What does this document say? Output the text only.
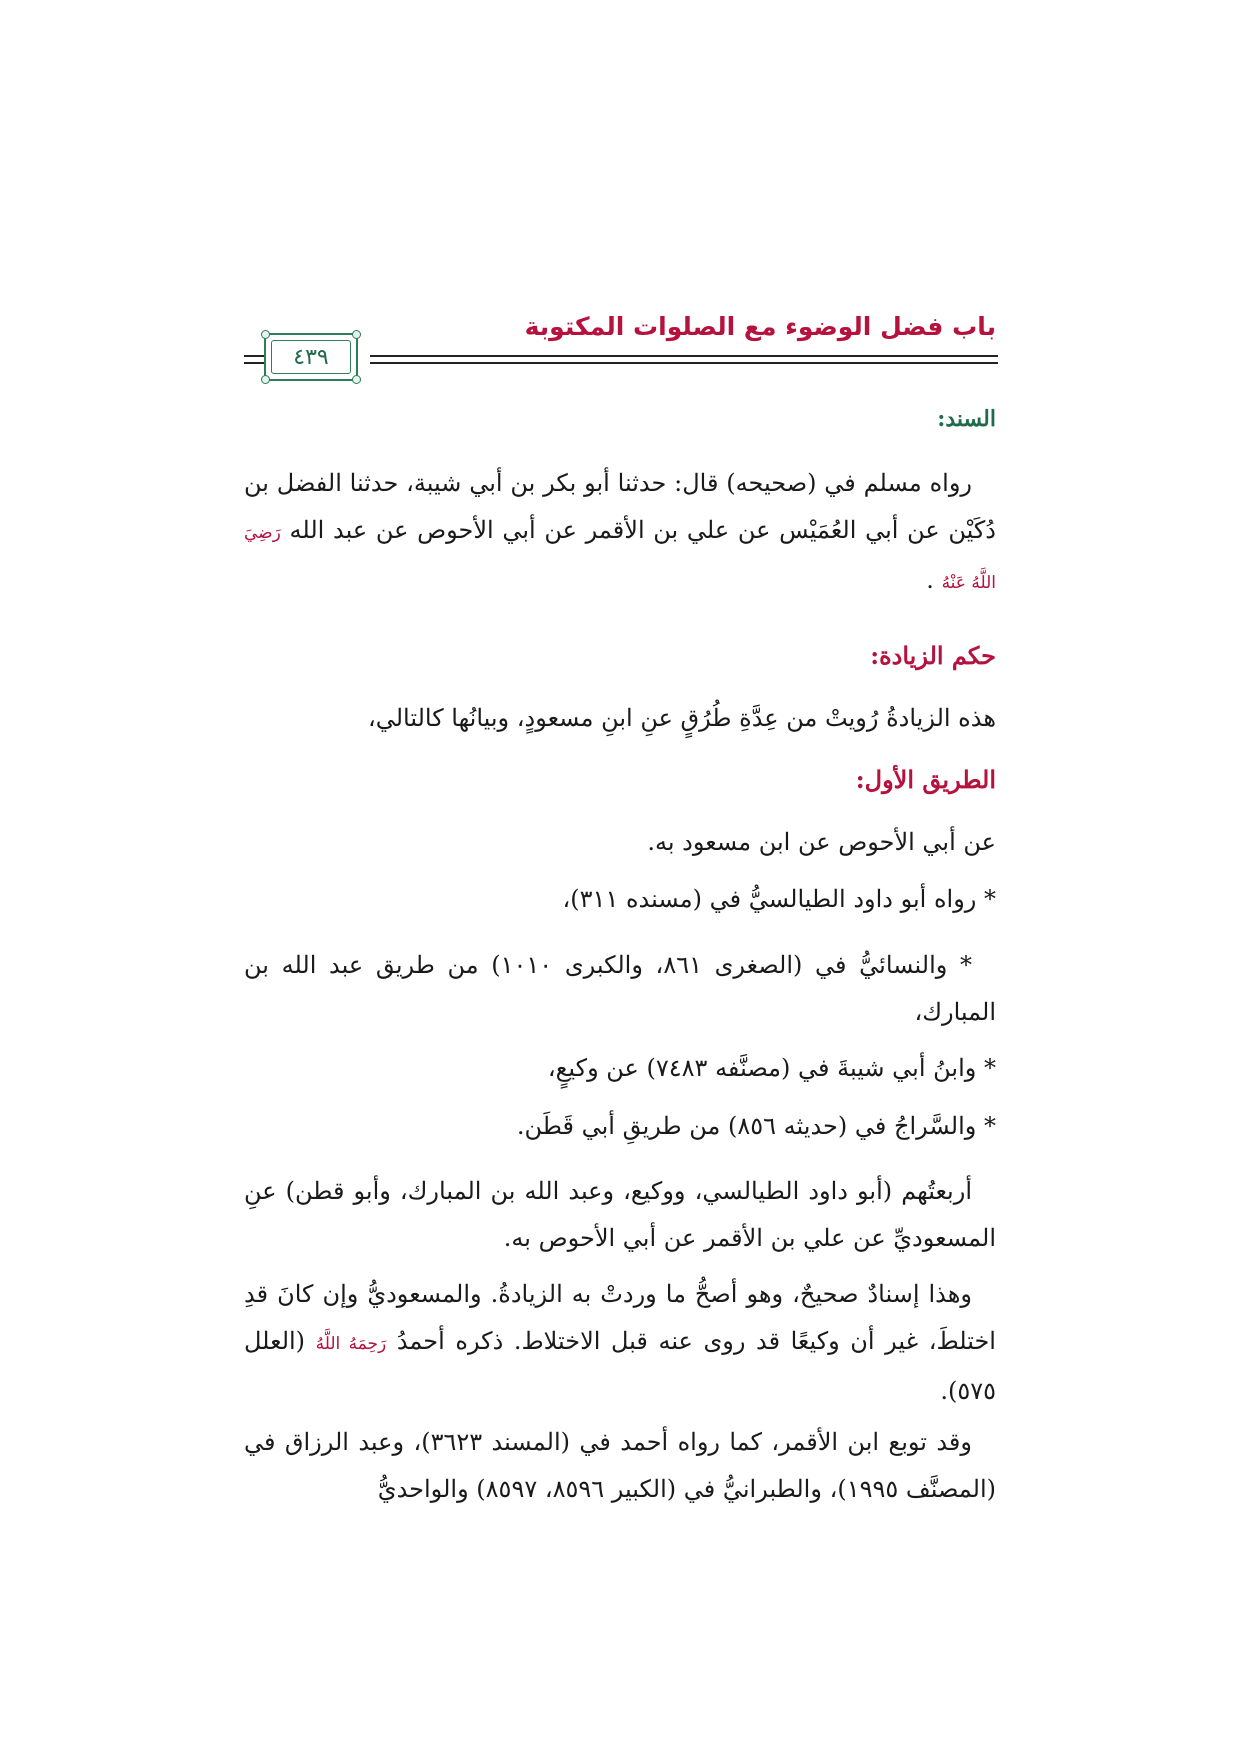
باب فضل الوضوء مع الصلوات المكتوبة
٤٣٩
السند:
رواه مسلم في (صحيحه) قال: حدثنا أبو بكر بن أبي شيبة، حدثنا الفضل بن دُكَيْن عن أبي العُمَيْس عن علي بن الأقمر عن أبي الأحوص عن عبد الله رَضِيَ اللَّهُ عَنْهُ .
حكم الزيادة:
هذه الزيادةُ رُويتْ من عِدَّةِ طُرُقٍ عنِ ابنِ مسعودٍ، وبيانُها كالتالي،
الطريق الأول:
عن أبي الأحوص عن ابن مسعود به.
* رواه أبو داود الطيالسيُّ في (مسنده ٣١١)،
* والنسائيُّ في (الصغرى ٨٦١، والكبرى ١٠١٠) من طريق عبد الله بن المبارك،
* وابنُ أبي شيبةَ في (مصنَّفه ٧٤٨٣) عن وكيعٍ،
* والسَّراجُ في (حديثه ٨٥٦) من طريقِ أبي قَطَن.
أربعتُهم (أبو داود الطيالسي، ووكيع، وعبد الله بن المبارك، وأبو قطن) عنِ المسعوديِّ عن علي بن الأقمر عن أبي الأحوص به.
وهذا إسنادٌ صحيحٌ، وهو أصحُّ ما وردتْ به الزيادةُ. والمسعوديُّ وإن كانَ قدِ اختلطَ، غير أن وكيعًا قد روى عنه قبل الاختلاط. ذكره أحمدُ رَحِمَهُ اللَّهُ (العلل ٥٧٥).
وقد توبع ابن الأقمر، كما رواه أحمد في (المسند ٣٦٢٣)، وعبد الرزاق في (المصنَّف ١٩٩٥)، والطبرانيُّ في (الكبير ٨٥٩٦، ٨٥٩٧) والواحديُّ
